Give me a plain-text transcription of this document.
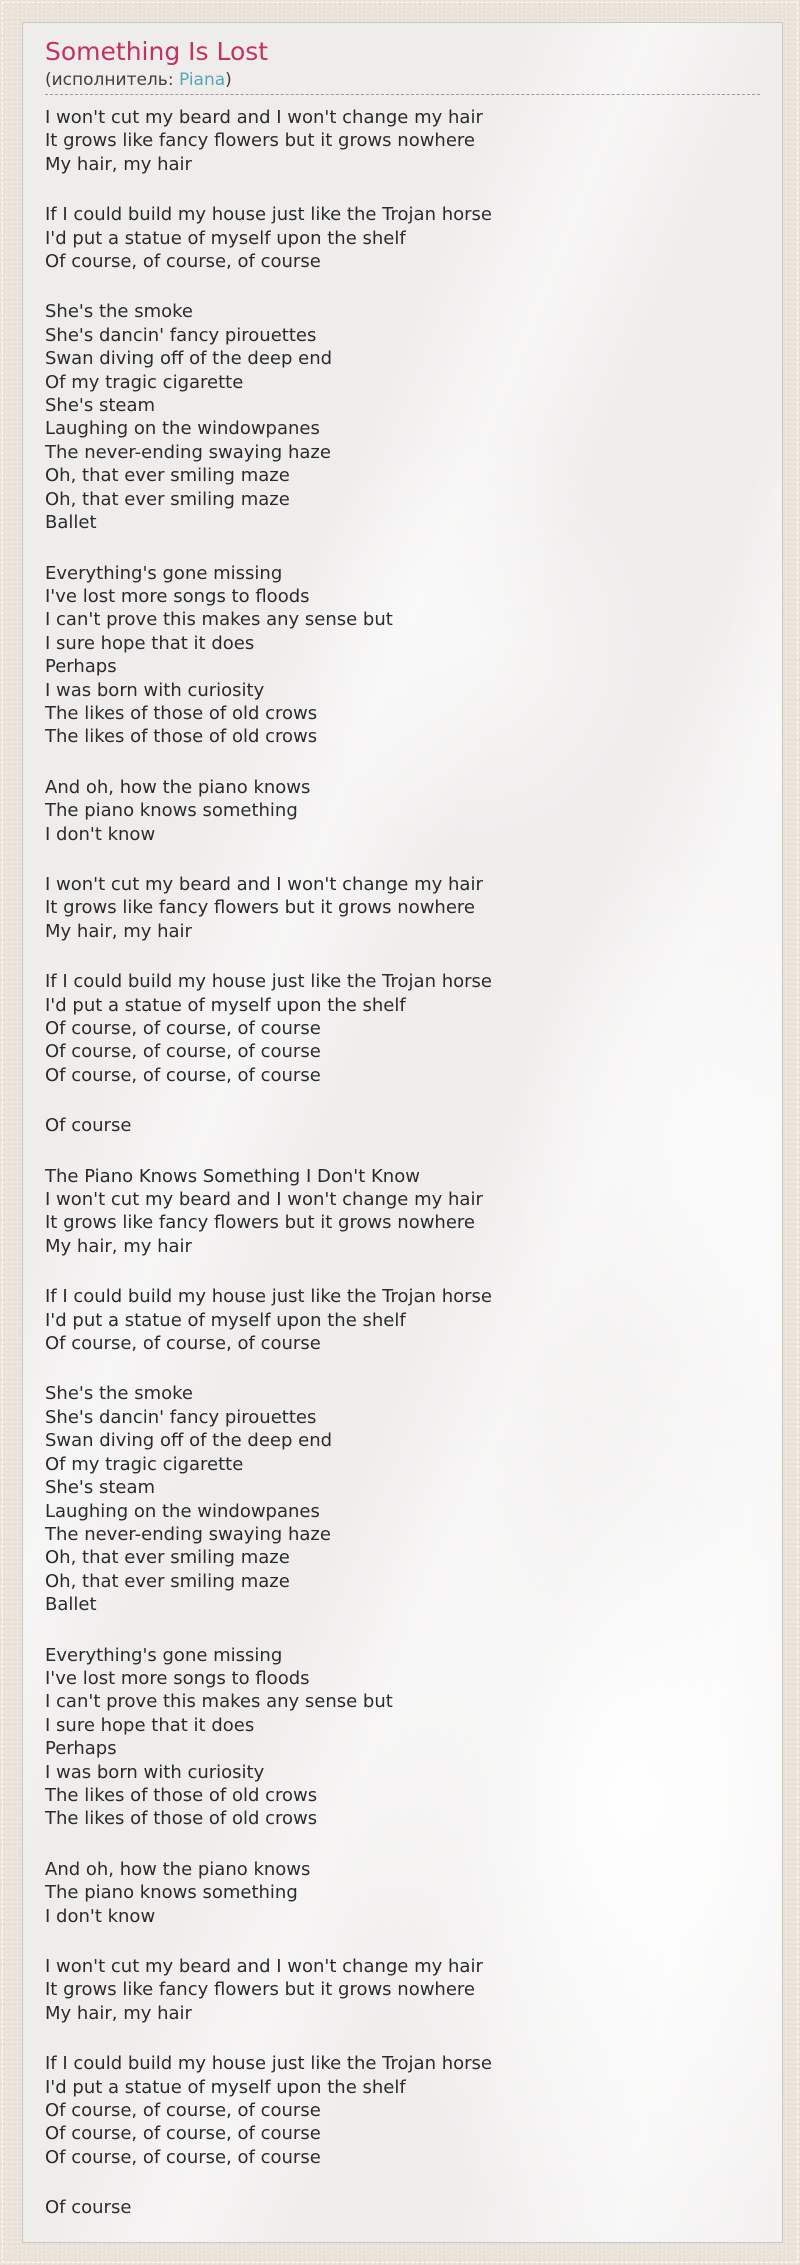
Something Is Lost
(исполнитель: Piana)

I won't cut my beard and I won't change my hair
It grows like fancy flowers but it grows nowhere
My hair, my hair

If I could build my house just like the Trojan horse
I'd put a statue of myself upon the shelf
Of course, of course, of course

She's the smoke
She's dancin' fancy pirouettes
Swan diving off of the deep end
Of my tragic cigarette
She's steam
Laughing on the windowpanes
The never-ending swaying haze
Oh, that ever smiling maze
Oh, that ever smiling maze
Ballet

Everything's gone missing
I've lost more songs to floods
I can't prove this makes any sense but
I sure hope that it does
Perhaps
I was born with curiosity
The likes of those of old crows
The likes of those of old crows

And oh, how the piano knows
The piano knows something
I don't know

I won't cut my beard and I won't change my hair
It grows like fancy flowers but it grows nowhere
My hair, my hair

If I could build my house just like the Trojan horse
I'd put a statue of myself upon the shelf
Of course, of course, of course
Of course, of course, of course
Of course, of course, of course

Of course

The Piano Knows Something I Don't Know
I won't cut my beard and I won't change my hair
It grows like fancy flowers but it grows nowhere
My hair, my hair

If I could build my house just like the Trojan horse
I'd put a statue of myself upon the shelf
Of course, of course, of course

She's the smoke
She's dancin' fancy pirouettes
Swan diving off of the deep end
Of my tragic cigarette
She's steam
Laughing on the windowpanes
The never-ending swaying haze
Oh, that ever smiling maze
Oh, that ever smiling maze
Ballet

Everything's gone missing
I've lost more songs to floods
I can't prove this makes any sense but
I sure hope that it does
Perhaps
I was born with curiosity
The likes of those of old crows
The likes of those of old crows

And oh, how the piano knows
The piano knows something
I don't know

I won't cut my beard and I won't change my hair
It grows like fancy flowers but it grows nowhere
My hair, my hair

If I could build my house just like the Trojan horse
I'd put a statue of myself upon the shelf
Of course, of course, of course
Of course, of course, of course
Of course, of course, of course

Of course
